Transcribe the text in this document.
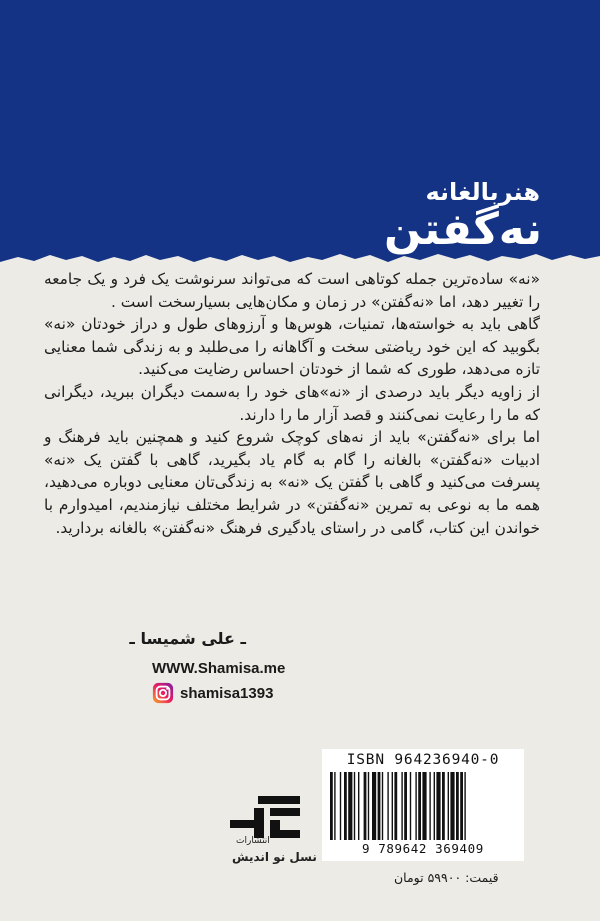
هنربالغانه
نه‌گفتن

«نه» ساده‌ترین جمله کوتاهی است که می‌تواند سرنوشت یک فرد و یک جامعه را تغییر دهد، اما «نه‌گفتن» در زمان و مکان‌هایی بسیارسخت است .

گاهی باید به خواسته‌ها، تمنیات، هوس‌ها و آرزوهای طول و دراز خودتان «نه» بگوبید که این خود ریاضتی سخت و آگاهانه را می‌طلبد و به زندگی شما معنایی تازه می‌دهد، طوری که شما از خودتان احساس رضایت می‌کنید.

از زاویه دیگر باید درصدی از «نه»های خود را به‌سمت دیگران ببرید، دیگرانی که ما را رعایت نمی‌کنند و قصد آزار ما را دارند.

اما برای «نه‌گفتن» باید از نه‌های کوچک شروع کنید و همچنین باید فرهنگ و ادبیات «نه‌گفتن» بالغانه را گام به گام یاد بگیرید، گاهی با گفتن یک «نه» پسرفت می‌کنید و گاهی با گفتن یک «نه» به زندگی‌تان معنایی دوباره می‌دهید، همه ما به نوعی به تمرین «نه‌گفتن» در شرایط مختلف نیازمندیم، امیدوارم با خواندن این کتاب، گامی در راستای یادگیری فرهنگ «نه‌گفتن» بالغانه بردارید.

ـ علی شمیسا ـ
WWW.Shamisa.me
shamisa1393
انتشارات
نسل نو اندیش
ISBN 964236940-0
9 789642 369409
قیمت: ۵۹۹۰۰ تومان
